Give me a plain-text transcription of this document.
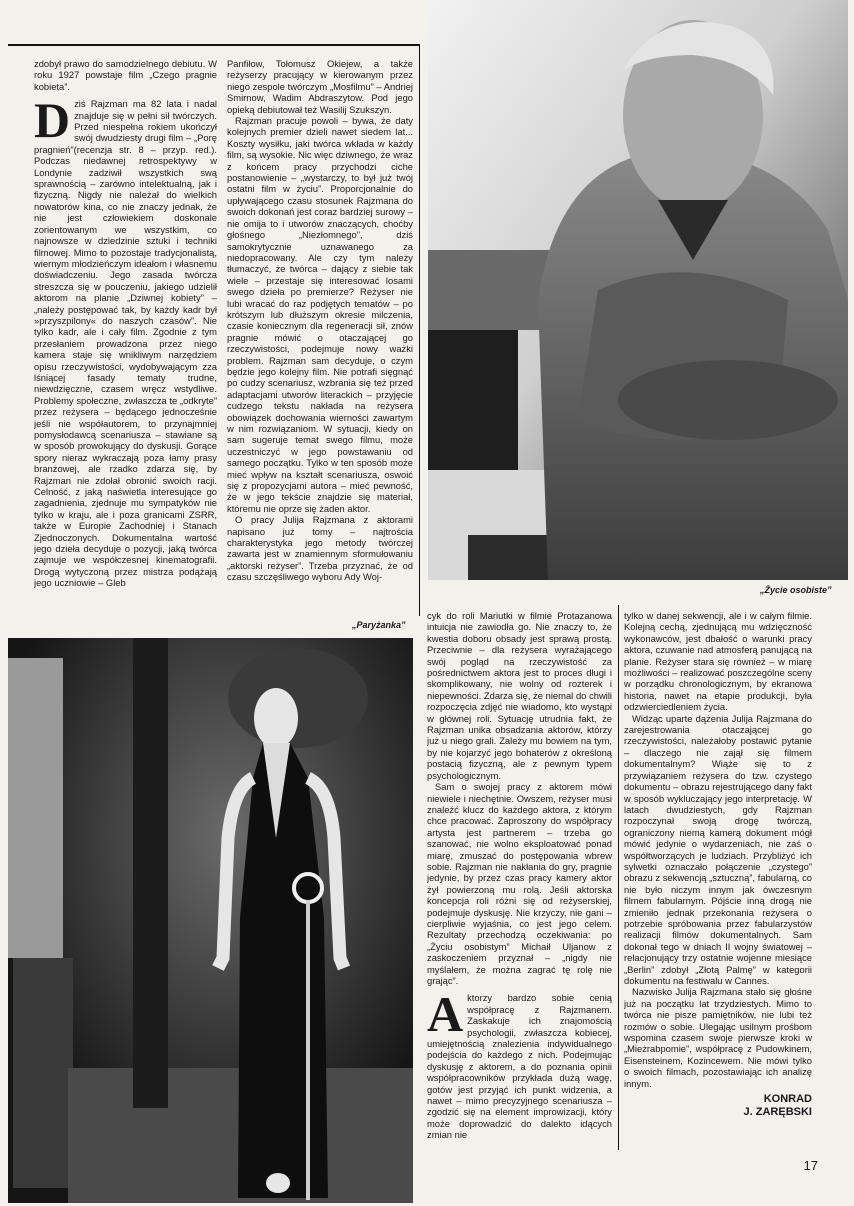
zdobył prawo do samodzielnego debiutu. W roku 1927 powstaje film „Czego pragnie kobieta”.

Dziś Rajzman ma 82 lata i nadal znajduje się w pełni sił twórczych. Przed niespełna rokiem ukończył swój dwudziesty drugi film – „Porę pragnień”(recenzja str. 8 – przyp. red.). Podczas niedawnej retrospektywy w Londynie zadziwił wszystkich swą sprawnością – zarówno intelektualną, jak i fizyczną. Nigdy nie należał do wielkich nowatorów kina, co nie znaczy jednak, że nie jest człowiekiem doskonale zorientowanym we wszystkim, co najnowsze w dziedzinie sztuki i techniki filmowej. Mimo to pozostaje tradycjonalistą, wiernym młodzieńczym ideałom i własnemu doświadczeniu. Jego zasada twórcza streszcza się w pouczeniu, jakiego udzielił aktorom na planie „Dziwnej kobiety” – „należy postępować tak, by każdy kadr był »przyszpilony« do naszych czasów”. Nie tylko kadr, ale i cały film. Zgodnie z tym przesłaniem prowadzona przez niego kamera staje się wnikliwym narzędziem opisu rzeczywistości, wydobywającym zza lśniącej fasady tematy trudne, niewdzięczne, czasem wręcz wstydliwe. Problemy społeczne, zwłaszcza te „odkryte” przez reżysera – będącego jednocześnie jeśli nie współautorem, to przynajmniej pomysłodawcą scenariusza – stawiane są w sposób prowokujący do dyskusji. Gorące spory nieraz wykraczają poza łamy prasy branżowej, ale rzadko zdarza się, by Rajzman nie zdołał obronić swoich racji. Celność, z jaką naświetla interesujące go zagadnienia, zjednuje mu sympatyków nie tylko w kraju, ale i poza granicami ZSRR, także w Europie Zachodniej i Stanach Zjednoczonych. Dokumentalna wartość jego dzieła decyduje o pozycji, jaką twórca zajmuje we współczesnej kinematografii. Drogą wytyczoną przez mistrza podążają jego uczniowie – Gleb

Panfiłow, Tołomusz Okiejew, a także reżyserzy pracujący w kierowanym przez niego zespole twórczym „Mosfilmu” – Andriej Smirnow, Wadim Abdraszytow. Pod jego opieką debiutował też Wasilij Szukszyn.

Rajzman pracuje powoli – bywa, że daty kolejnych premier dzieli nawet siedem lat... Koszty wysiłku, jaki twórca wkłada w każdy film, są wysokie. Nic więc dziwnego, że wraz z końcem pracy przychodzi ciche postanowienie – „wystarczy, to był już twój ostatni film w życiu”. Proporcjonalnie do upływającego czasu stosunek Rajzmana do swoich dokonań jest coraz bardziej surowy – nie omija to i utworów znaczących, choćby głośnego „Niezłomnego”, dziś samokrytycznie uznawanego za niedopracowany. Ale czy tym należy tłumaczyć, że twórca – dający z siebie tak wiele – przestaje się interesować losami swego dzieła po premierze? Reżyser nie lubi wracać do raz podjętych tematów – po krótszym lub dłuższym okresie milczenia, czasie koniecznym dla regeneracji sił, znów pragnie mówić o otaczającej go rzeczywistości, podejmuje nowy ważki problem. Rajzman sam decyduje, o czym będzie jego kolejny film. Nie potrafi sięgnąć po cudzy scenariusz, wzbrania się też przed adaptacjami utworów literackich – przyjęcie cudzego tekstu nakłada na reżysera obowiązek dochowania wierności zawartym w nim rozwiązaniom. W sytuacji, kiedy on sam sugeruje temat swego filmu, może uczestniczyć w jego powstawaniu od samego początku. Tylko w ten sposób może mieć wpływ na kształt scenariusza, oswoić się z propozycjami autora – mieć pewność, że w jego tekście znajdzie się materiał, któremu nie oprze się żaden aktor.

O pracy Julija Rajzmana z aktorami napisano już tomy – najtrościa charakterystyka jego metody twórczej zawarta jest w znamiennym sformułowaniu „aktorski reżyser”. Trzeba przyznać, że od czasu szczęśliwego wyboru Ady Woj-

„Paryżanka”
„Życie osobiste”

cyk do roli Mariutki w filmie Protazanowa intuicja nie zawiodła go. Nie znaczy to, że kwestia doboru obsady jest sprawą prostą. Przeciwnie – dla reżysera wyrażającego swój pogląd na rzeczywistość za pośrednictwem aktora jest to proces długi i skomplikowany, nie wolny od rozterek i niepewności. Zdarza się, że niemal do chwili rozpoczęcia zdjęć nie wiadomo, kto wystąpi w głównej roli. Sytuację utrudnia fakt, że Rajzman unika obsadzania aktorów, którzy już u niego grali. Zależy mu bowiem na tym, by nie kojarzyć jego bohaterów z określoną postacią fizyczną, ale z pewnym typem psychologicznym.

Sam o swojej pracy z aktorem mówi niewiele i niechętnie. Owszem, reżyser musi znaleźć klucz do każdego aktora, z którym chce pracować. Zaproszony do współpracy artysta jest partnerem – trzeba go szanować, nie wolno eksploatować ponad miarę, zmuszać do postępowania wbrew sobie. Rajzman nie nakłania do gry, pragnie jedynie, by przez czas pracy kamery aktor żył powierzoną mu rolą. Jeśli aktorska koncepcja roli różni się od reżyserskiej, podejmuje dyskusję. Nie krzyczy, nie gani – cierpliwie wyjaśnia, co jest jego celem. Rezultaty przechodzą oczekiwania: po „Życiu osobistym” Michaił Uljanow z zaskoczeniem przyznał – „nigdy nie myślałem, że można zagrać tę rolę nie grając”.

Aktorzy bardzo sobie cenią współpracę z Rajzmanem. Zaskakuje ich znajomością psychologii, zwłaszcza kobiecej, umiejętnością znalezienia indywidualnego podejścia do każdego z nich. Podejmując dyskusję z aktorem, a do poznania opinii współpracowników przykłada dużą wagę, gotów jest przyjąć ich punkt widzenia, a nawet – mimo precyzyjnego scenariusza – zgodzić się na element improwizacji, który może doprowadzić do dalekto idących zmian nie

tylko w danej sekwencji, ale i w całym filmie. Kolejną cechą, zjednującą mu wdzięczność wykonawców, jest dbałość o warunki pracy aktora, czuwanie nad atmosferą panującą na planie. Reżyser stara się również – w miarę możliwości – realizować poszczególne sceny w porządku chronologicznym, by ekranowa historia, nawet na etapie produkcji, była odzwierciedleniem życia.

Widząc uparte dążenia Julija Rajzmana do zarejestrowania otaczającej go rzeczywistości, należałoby postawić pytanie – dlaczego nie zajął się filmem dokumentalnym? Wiąże się to z przywiązaniem reżysera do tzw. czystego dokumentu – obrazu rejestrującego dany fakt w sposób wykluczający jego interpretację. W latach dwudziestych, gdy Rajzman rozpoczynał swoją drogę twórczą, ograniczony niemą kamerą dokument mógł mówić jedynie o wydarzeniach, nie zaś o współtworzących je ludziach. Przybliżyć ich sylwetki oznaczało połączenie „czystego” obrazu z sekwencją „sztuczną”, fabularną, co nie było niczym innym jak ówczesnym filmem fabularnym. Pójście inną drogą nie zmieniło jednak przekonania reżysera o potrzebie spróbowania przez fabularzystów realizacji filmów dokumentalnych. Sam dokonał tego w dniach II wojny światowej – relacjonujący trzy ostatnie wojenne miesiące „Berlin” zdobył „Złotą Palmę” w kategorii dokumentu na festiwalu w Cannes.

Nazwisko Julija Rajzmana stało się głośne już na początku lat trzydziestych. Mimo to twórca nie pisze pamiętników, nie lubi też rozmów o sobie. Ulegając usilnym prośbom wspomina czasem swoje pierwsze kroki w „Mieżrabpomie”, współpracę z Pudowkinem, Eisensteinem, Kozincewem. Nie mówi tylko o swoich filmach, pozostawiając ich analizę innym.

KONRAD
J. ZARĘBSKI
17
